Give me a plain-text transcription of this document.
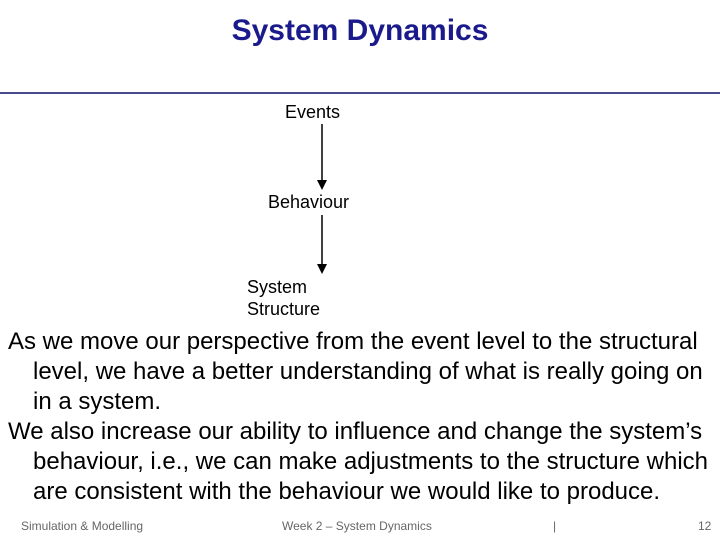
System Dynamics
Events
Behaviour
System
Structure

As we move our perspective from the event level to the structural level, we have a better understanding of what is really going on in a system.

We also increase our ability to influence and change the system’s behaviour, i.e., we can make adjustments to the structure which are consistent with the behaviour we would like to produce.

Simulation & Modelling	Week 2 – System Dynamics	|	12
